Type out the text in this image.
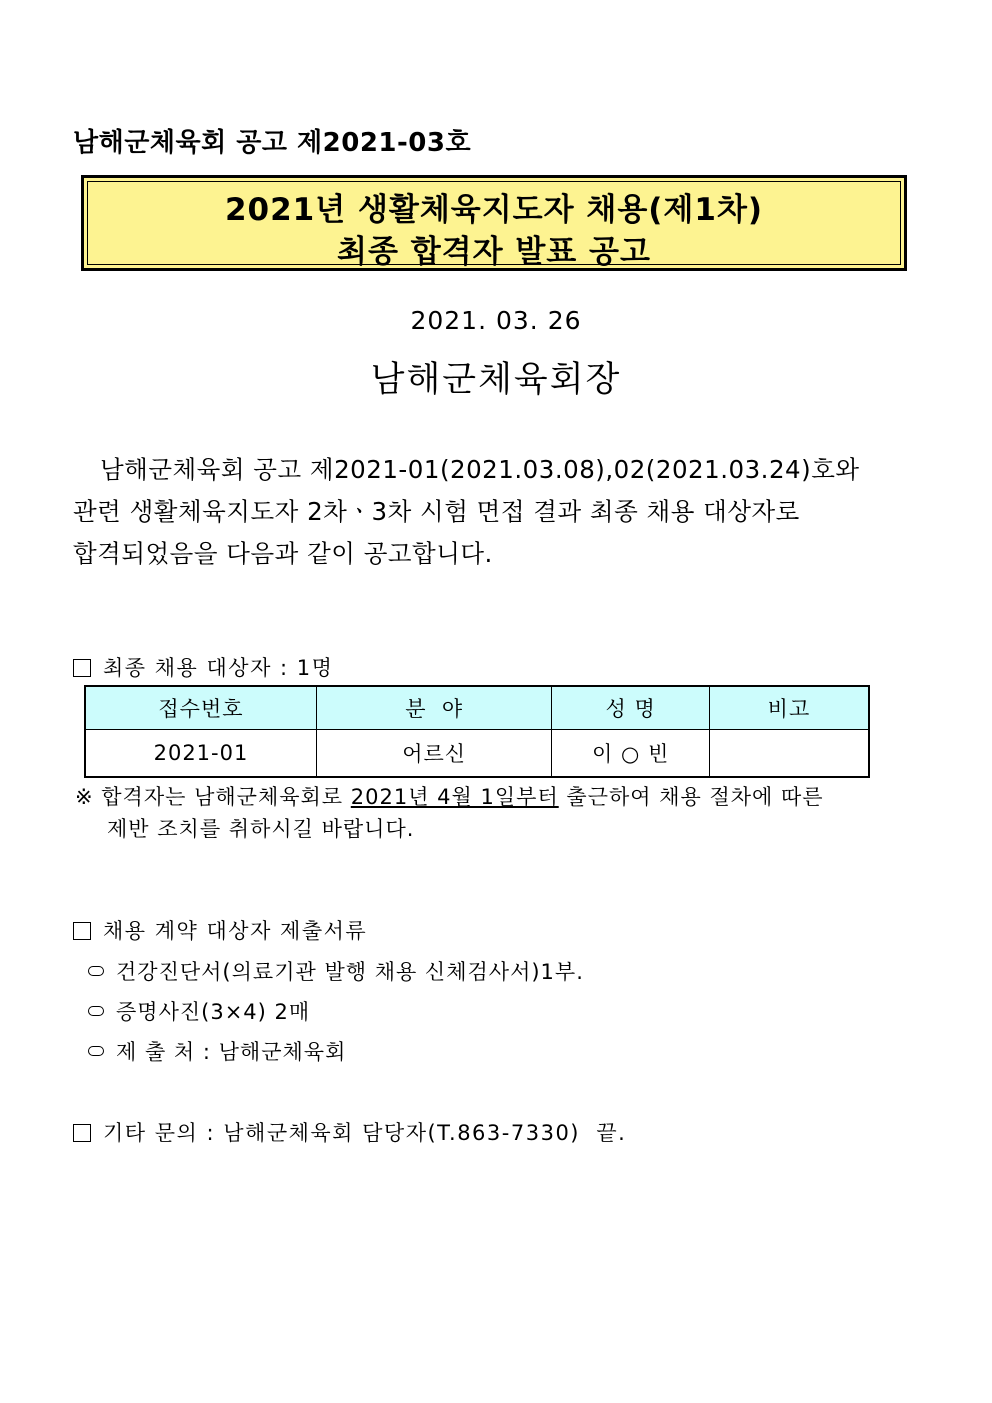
남해군체육회 공고 제2021-03호
2021년 생활체육지도자 채용(제1차)
최종 합격자 발표 공고
2021. 03. 26
남해군체육회장
남해군체육회 공고 제2021-01(2021.03.08),02(2021.03.24)호와
관련 생활체육지도자 2차ㆍ3차 시험 면접 결과 최종 채용 대상자로
합격되었음을 다음과 같이 공고합니다.
최종 채용 대상자 : 1명
접수번호	분  야	성 명	비고
2021-01	어르신	이 ○ 빈	
※ 합격자는 남해군체육회로 2021년 4월 1일부터 출근하여 채용 절차에 따른
제반 조치를 취하시길 바랍니다.
채용 계약 대상자 제출서류
건강진단서(의료기관 발행 채용 신체검사서)1부.
증명사진(3×4) 2매
제 출 처 : 남해군체육회
기타 문의 : 남해군체육회 담당자(T.863-7330)  끝.
